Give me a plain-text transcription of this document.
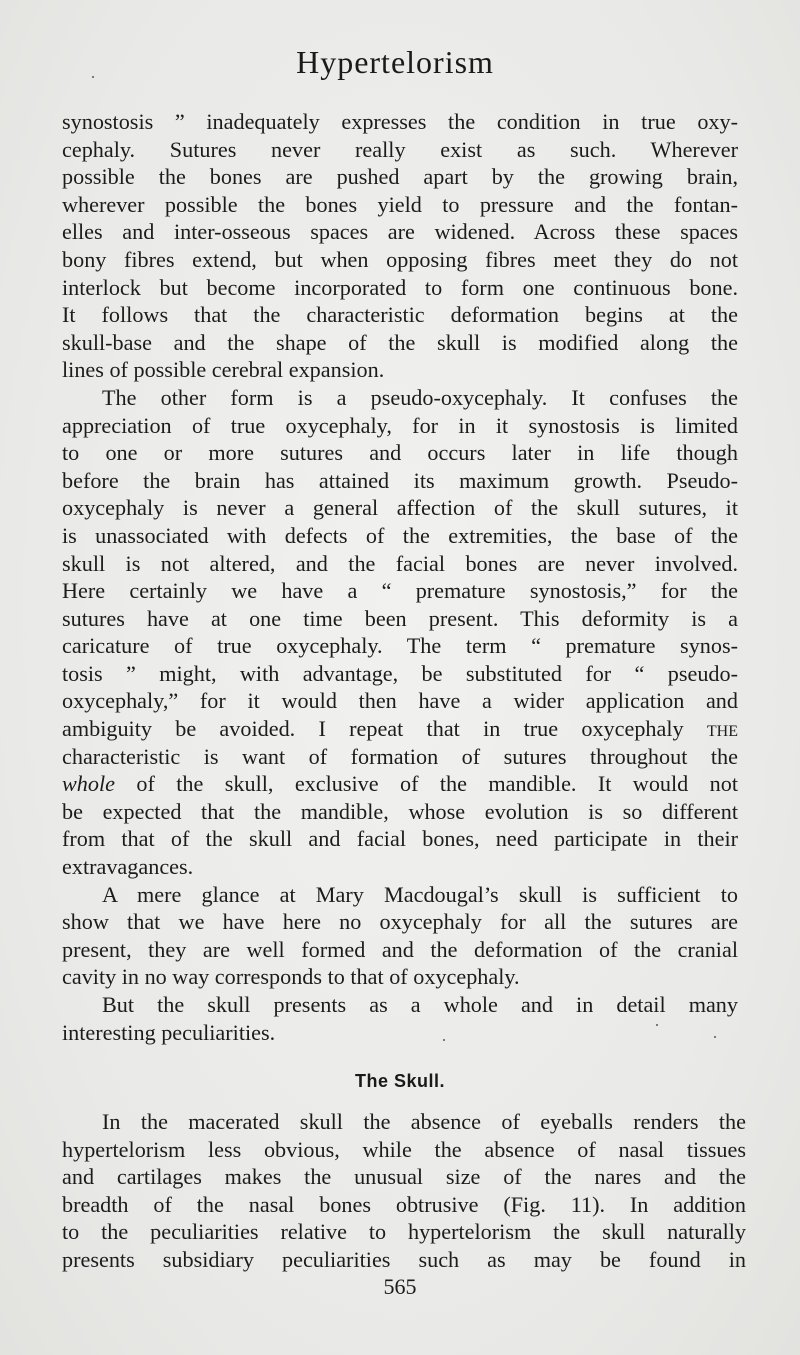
Hypertelorism
synostosis ” inadequately expresses the condition in true oxy-
cephaly. Sutures never really exist as such. Wherever
possible the bones are pushed apart by the growing brain,
wherever possible the bones yield to pressure and the fontan-
elles and inter-osseous spaces are widened. Across these spaces
bony fibres extend, but when opposing fibres meet they do not
interlock but become incorporated to form one continuous bone.
It follows that the characteristic deformation begins at the
skull-base and the shape of the skull is modified along the
lines of possible cerebral expansion.
The other form is a pseudo-oxycephaly. It confuses the
appreciation of true oxycephaly, for in it synostosis is limited
to one or more sutures and occurs later in life though
before the brain has attained its maximum growth. Pseudo-
oxycephaly is never a general affection of the skull sutures, it
is unassociated with defects of the extremities, the base of the
skull is not altered, and the facial bones are never involved.
Here certainly we have a “ premature synostosis,” for the
sutures have at one time been present. This deformity is a
caricature of true oxycephaly. The term “ premature synos-
tosis ” might, with advantage, be substituted for “ pseudo-
oxycephaly,” for it would then have a wider application and
ambiguity be avoided. I repeat that in true oxycephaly the
characteristic is want of formation of sutures throughout the
whole of the skull, exclusive of the mandible. It would not
be expected that the mandible, whose evolution is so different
from that of the skull and facial bones, need participate in their
extravagances.
A mere glance at Mary Macdougal’s skull is sufficient to
show that we have here no oxycephaly for all the sutures are
present, they are well formed and the deformation of the cranial
cavity in no way corresponds to that of oxycephaly.
But the skull presents as a whole and in detail many
interesting peculiarities.
The Skull.
In the macerated skull the absence of eyeballs renders the
hypertelorism less obvious, while the absence of nasal tissues
and cartilages makes the unusual size of the nares and the
breadth of the nasal bones obtrusive (Fig. 11). In addition
to the peculiarities relative to hypertelorism the skull naturally
presents subsidiary peculiarities such as may be found in
565
